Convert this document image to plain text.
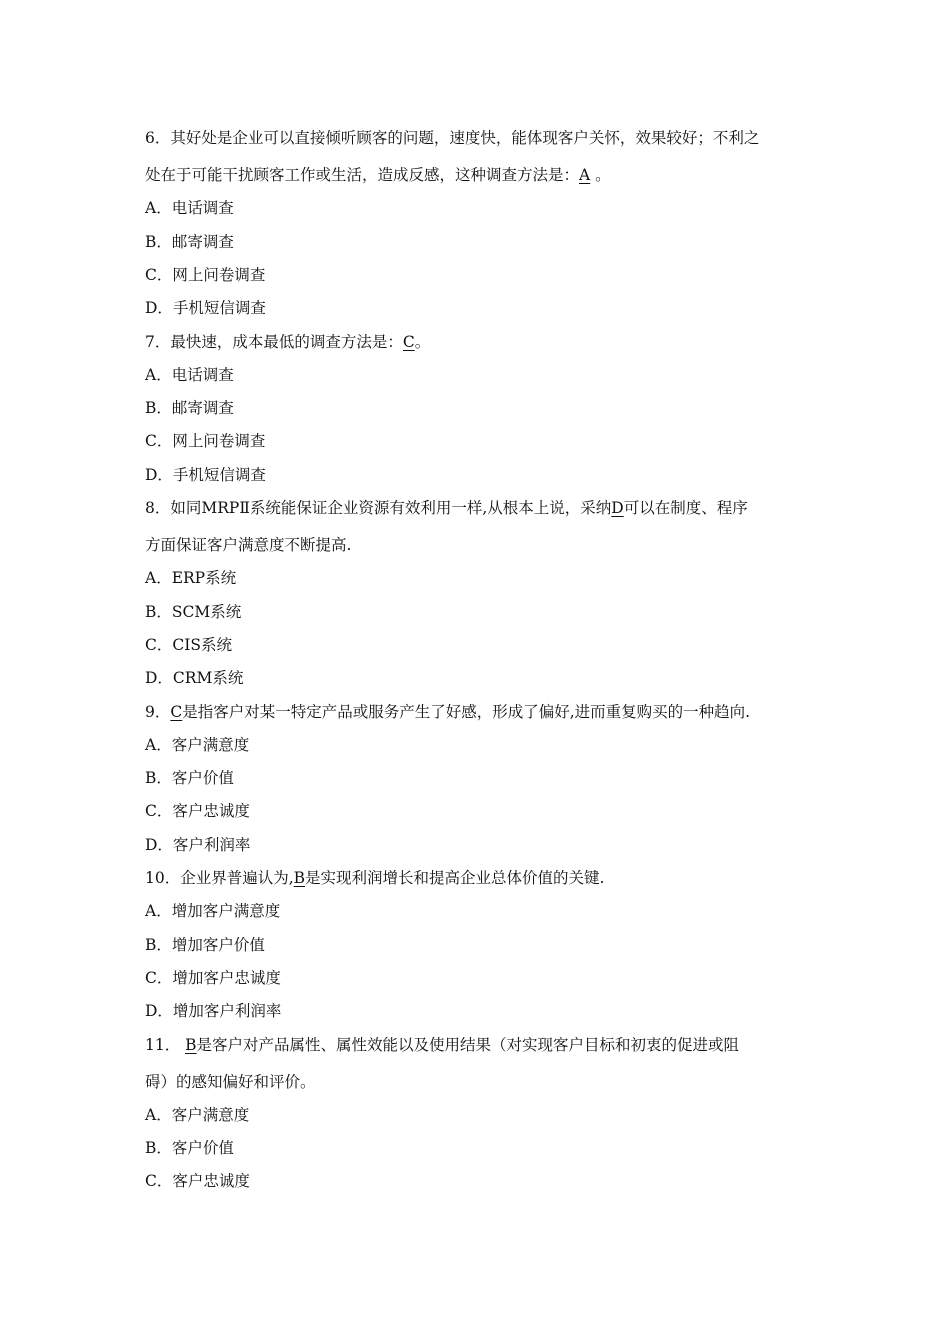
6．其好处是企业可以直接倾听顾客的问题，速度快，能体现客户关怀，效果较好；不利之
处在于可能干扰顾客工作或生活，造成反感，这种调查方法是：A 。
A．电话调查
B．邮寄调查
C．网上问卷调查
D．手机短信调查
7．最快速，成本最低的调查方法是：C。
A．电话调查
B．邮寄调查
C．网上问卷调查
D．手机短信调查
8．如同MRPⅡ系统能保证企业资源有效利用一样,从根本上说，采纳D可以在制度、程序
方面保证客户满意度不断提高.
A．ERP系统
B．SCM系统
C．CIS系统
D．CRM系统
9．C是指客户对某一特定产品或服务产生了好感，形成了偏好,进而重复购买的一种趋向.
A．客户满意度
B．客户价值
C．客户忠诚度
D．客户利润率
10．企业界普遍认为,B是实现利润增长和提高企业总体价值的关键.
A．增加客户满意度
B．增加客户价值
C．增加客户忠诚度
D．增加客户利润率
11． B是客户对产品属性、属性效能以及使用结果（对实现客户目标和初衷的促进或阻
碍）的感知偏好和评价。
A．客户满意度
B．客户价值
C．客户忠诚度
